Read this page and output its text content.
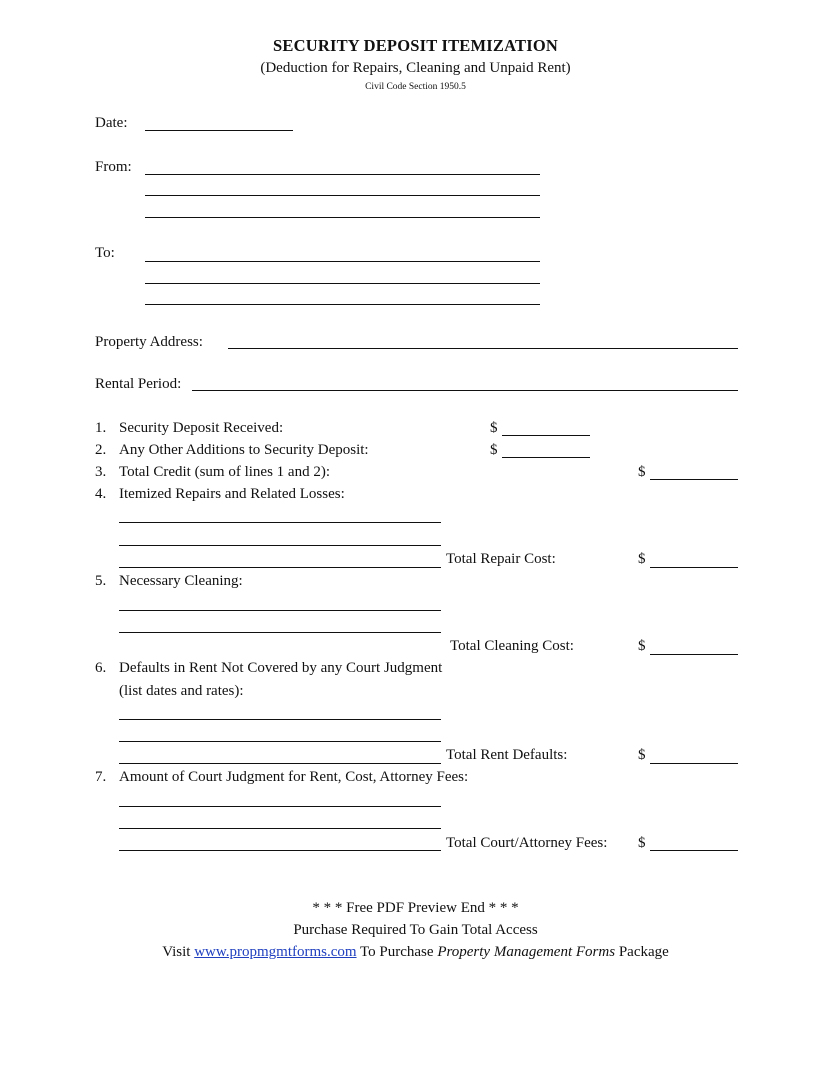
SECURITY DEPOSIT ITEMIZATION
(Deduction for Repairs, Cleaning and Unpaid Rent)
Civil Code Section 1950.5
Date:
From:
To:
Property Address:
Rental Period:
1. Security Deposit Received:	$
2. Any Other Additions to Security Deposit:	$
3. Total Credit (sum of lines 1 and 2):	$
4. Itemized Repairs and Related Losses:
Total Repair Cost:	$
5. Necessary Cleaning:
Total Cleaning Cost:	$
6. Defaults in Rent Not Covered by any Court Judgment
(list dates and rates):
Total Rent Defaults:	$
7. Amount of Court Judgment for Rent, Cost, Attorney Fees:
Total Court/Attorney Fees: $
* * * Free PDF Preview End * * *
Purchase Required To Gain Total Access
Visit www.propmgmtforms.com To Purchase Property Management Forms Package
